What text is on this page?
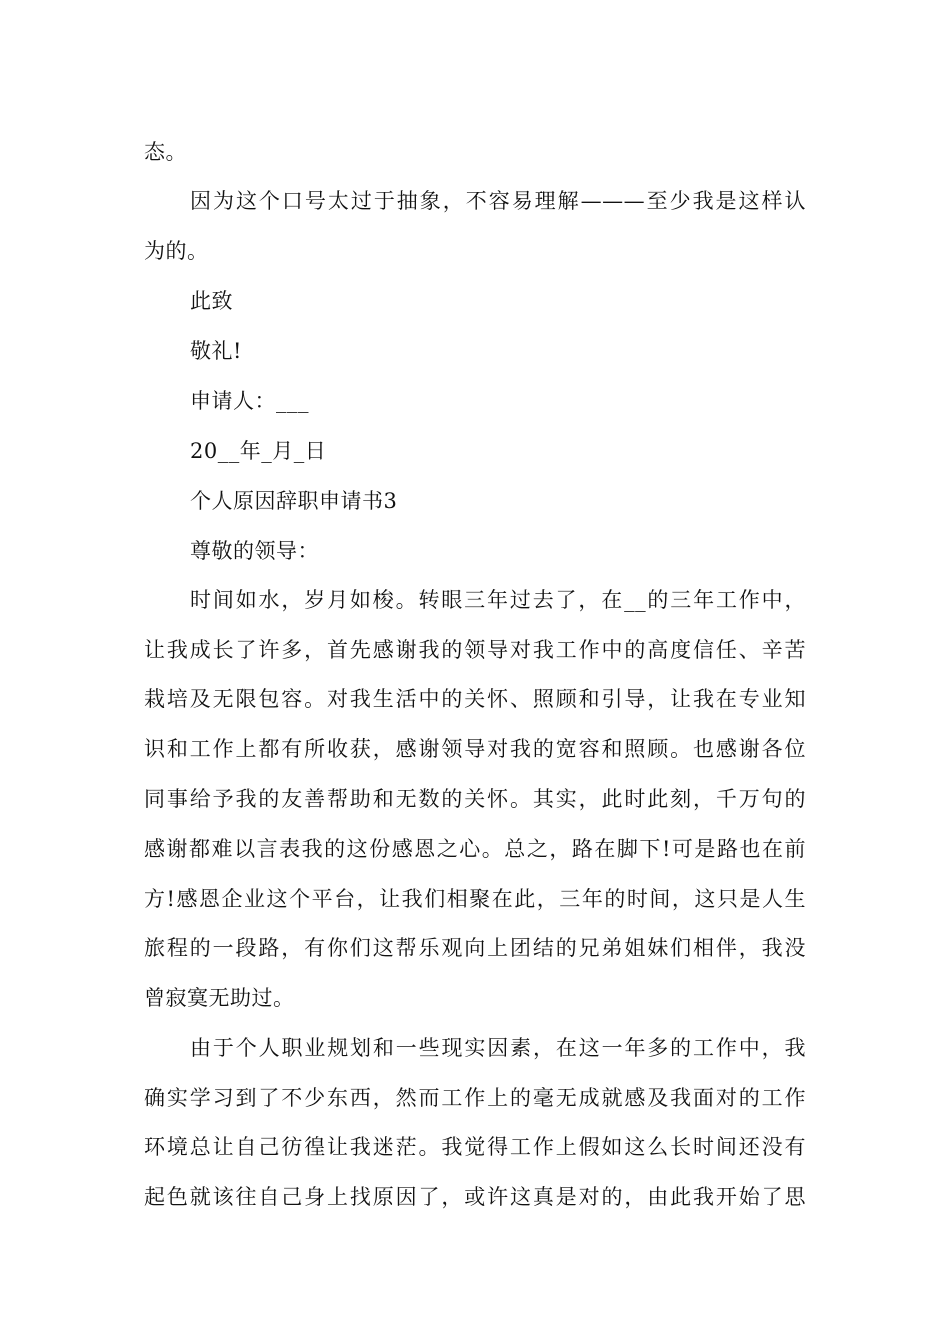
态。
因为这个口号太过于抽象，不容易理解———至少我是这样认
为的。
此致
敬礼!
申请人：___
20__年_月_日
个人原因辞职申请书3
尊敬的领导：
时间如水，岁月如梭。转眼三年过去了，在__的三年工作中，
让我成长了许多，首先感谢我的领导对我工作中的高度信任、辛苦
栽培及无限包容。对我生活中的关怀、照顾和引导，让我在专业知
识和工作上都有所收获，感谢领导对我的宽容和照顾。也感谢各位
同事给予我的友善帮助和无数的关怀。其实，此时此刻，千万句的
感谢都难以言表我的这份感恩之心。总之，路在脚下!可是路也在前
方!感恩企业这个平台，让我们相聚在此，三年的时间，这只是人生
旅程的一段路，有你们这帮乐观向上团结的兄弟姐妹们相伴，我没
曾寂寞无助过。
由于个人职业规划和一些现实因素，在这一年多的工作中，我
确实学习到了不少东西，然而工作上的毫无成就感及我面对的工作
环境总让自己彷徨让我迷茫。我觉得工作上假如这么长时间还没有
起色就该往自己身上找原因了，或许这真是对的，由此我开始了思
